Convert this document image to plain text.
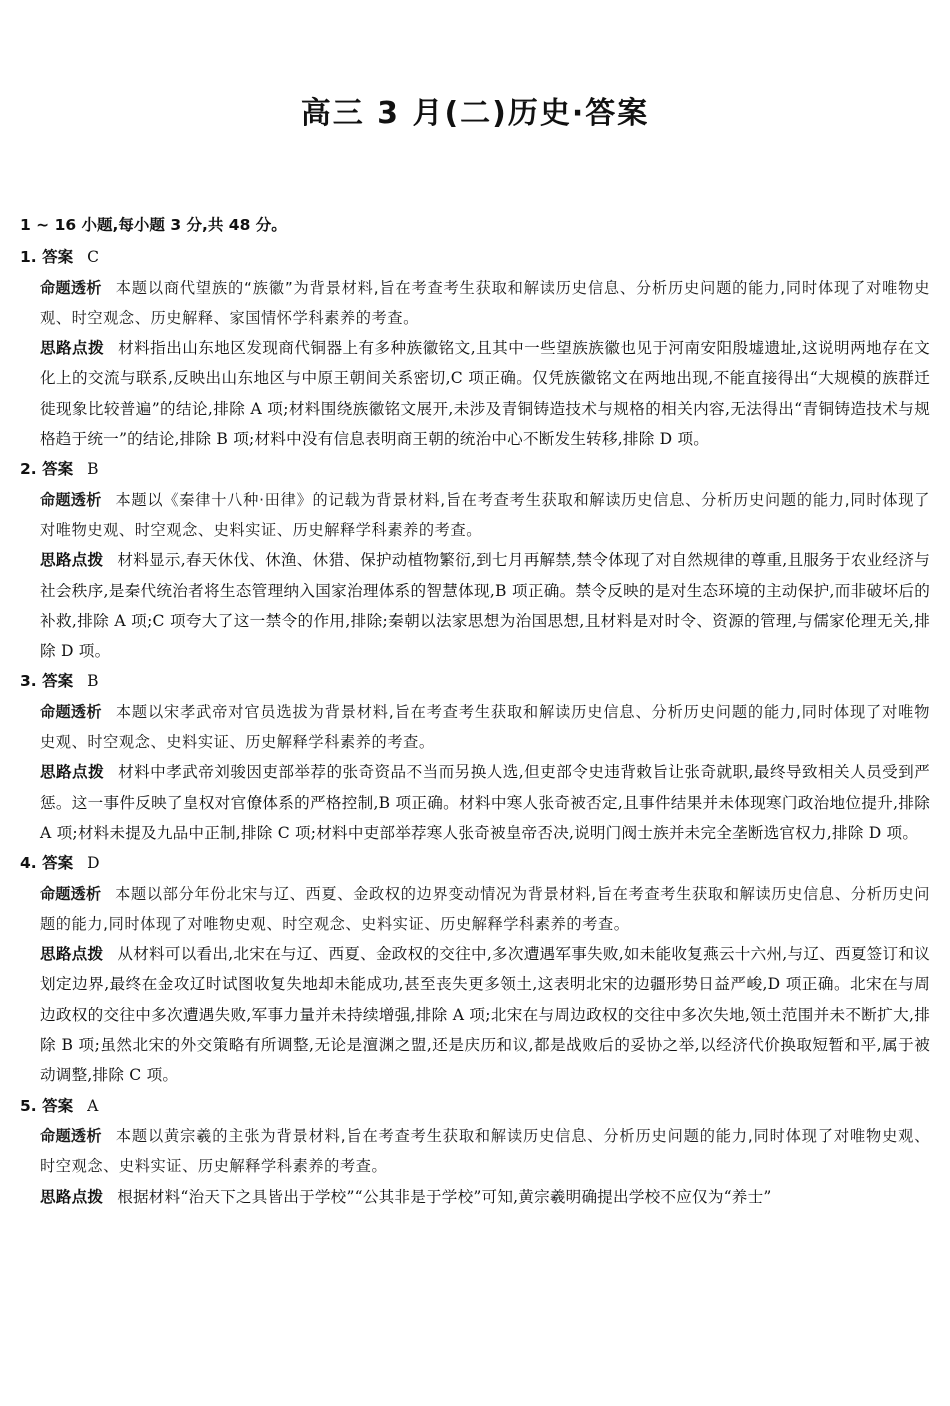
高三 3 月(二)历史·答案
1 ~ 16 小题,每小题 3 分,共 48 分。
1. 答案 C
命题透析 本题以商代望族的“族徽”为背景材料,旨在考查考生获取和解读历史信息、分析历史问题的能力,同时体现了对唯物史观、时空观念、历史解释、家国情怀学科素养的考查。
思路点拨 材料指出山东地区发现商代铜器上有多种族徽铭文,且其中一些望族族徽也见于河南安阳殷墟遗址,这说明两地存在文化上的交流与联系,反映出山东地区与中原王朝间关系密切,C 项正确。仅凭族徽铭文在两地出现,不能直接得出“大规模的族群迁徙现象比较普遍”的结论,排除 A 项;材料围绕族徽铭文展开,未涉及青铜铸造技术与规格的相关内容,无法得出“青铜铸造技术与规格趋于统一”的结论,排除 B 项;材料中没有信息表明商王朝的统治中心不断发生转移,排除 D 项。
2. 答案 B
命题透析 本题以《秦律十八种·田律》的记载为背景材料,旨在考查考生获取和解读历史信息、分析历史问题的能力,同时体现了对唯物史观、时空观念、史料实证、历史解释学科素养的考查。
思路点拨 材料显示,春天休伐、休渔、休猎、保护动植物繁衍,到七月再解禁,禁令体现了对自然规律的尊重,且服务于农业经济与社会秩序,是秦代统治者将生态管理纳入国家治理体系的智慧体现,B 项正确。禁令反映的是对生态环境的主动保护,而非破坏后的补救,排除 A 项;C 项夸大了这一禁令的作用,排除;秦朝以法家思想为治国思想,且材料是对时令、资源的管理,与儒家伦理无关,排除 D 项。
3. 答案 B
命题透析 本题以宋孝武帝对官员选拔为背景材料,旨在考查考生获取和解读历史信息、分析历史问题的能力,同时体现了对唯物史观、时空观念、史料实证、历史解释学科素养的考查。
思路点拨 材料中孝武帝刘骏因吏部举荐的张奇资品不当而另换人选,但吏部令史违背敕旨让张奇就职,最终导致相关人员受到严惩。这一事件反映了皇权对官僚体系的严格控制,B 项正确。材料中寒人张奇被否定,且事件结果并未体现寒门政治地位提升,排除 A 项;材料未提及九品中正制,排除 C 项;材料中吏部举荐寒人张奇被皇帝否决,说明门阀士族并未完全垄断选官权力,排除 D 项。
4. 答案 D
命题透析 本题以部分年份北宋与辽、西夏、金政权的边界变动情况为背景材料,旨在考查考生获取和解读历史信息、分析历史问题的能力,同时体现了对唯物史观、时空观念、史料实证、历史解释学科素养的考查。
思路点拨 从材料可以看出,北宋在与辽、西夏、金政权的交往中,多次遭遇军事失败,如未能收复燕云十六州,与辽、西夏签订和议划定边界,最终在金攻辽时试图收复失地却未能成功,甚至丧失更多领土,这表明北宋的边疆形势日益严峻,D 项正确。北宋在与周边政权的交往中多次遭遇失败,军事力量并未持续增强,排除 A 项;北宋在与周边政权的交往中多次失地,领土范围并未不断扩大,排除 B 项;虽然北宋的外交策略有所调整,无论是澶渊之盟,还是庆历和议,都是战败后的妥协之举,以经济代价换取短暂和平,属于被动调整,排除 C 项。
5. 答案 A
命题透析 本题以黄宗羲的主张为背景材料,旨在考查考生获取和解读历史信息、分析历史问题的能力,同时体现了对唯物史观、时空观念、史料实证、历史解释学科素养的考查。
思路点拨 根据材料“治天下之具皆出于学校”“公其非是于学校”可知,黄宗羲明确提出学校不应仅为“养士”
